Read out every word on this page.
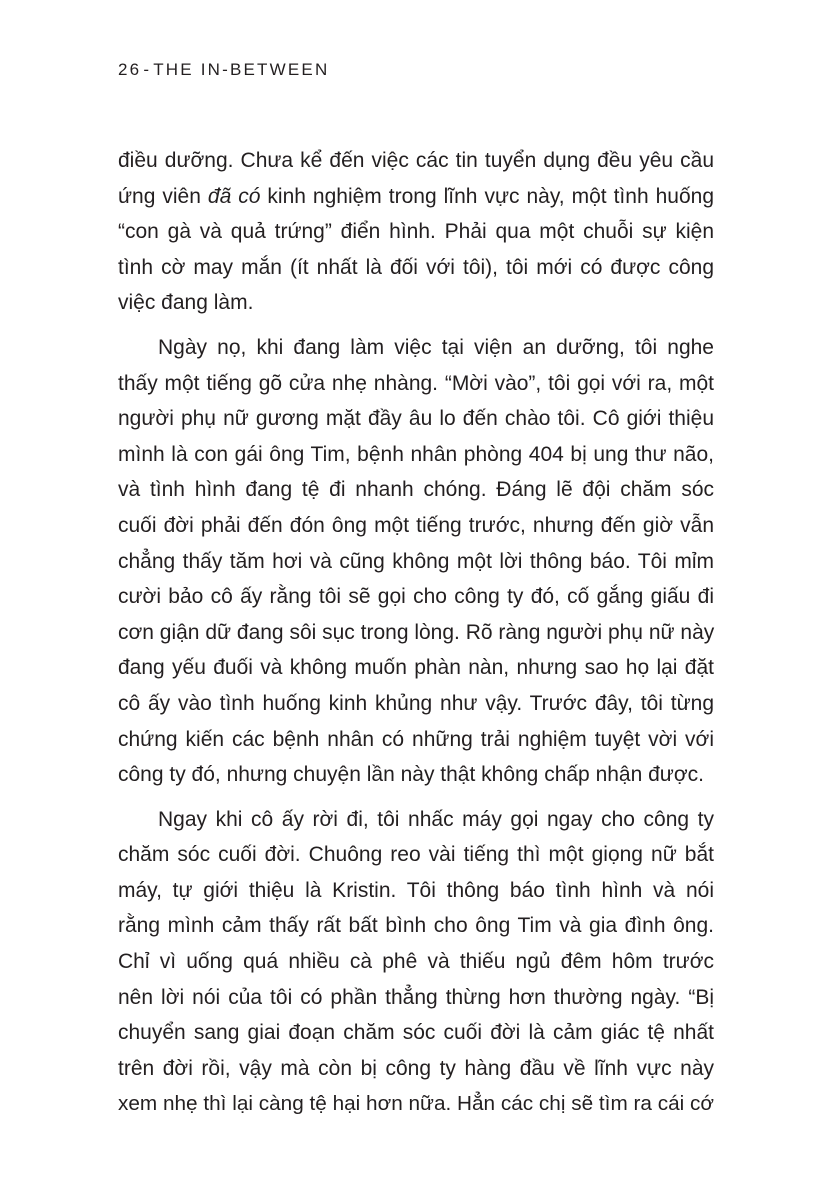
26 - THE IN-BETWEEN
điều dưỡng. Chưa kể đến việc các tin tuyển dụng đều yêu cầu
ứng viên đã có kinh nghiệm trong lĩnh vực này, một tình huống
“con gà và quả trứng” điển hình. Phải qua một chuỗi sự kiện
tình cờ may mắn (ít nhất là đối với tôi), tôi mới có được công
việc đang làm.
Ngày nọ, khi đang làm việc tại viện an dưỡng, tôi nghe
thấy một tiếng gõ cửa nhẹ nhàng. “Mời vào”, tôi gọi với ra, một
người phụ nữ gương mặt đầy âu lo đến chào tôi. Cô giới thiệu
mình là con gái ông Tim, bệnh nhân phòng 404 bị ung thư não,
và tình hình đang tệ đi nhanh chóng. Đáng lẽ đội chăm sóc
cuối đời phải đến đón ông một tiếng trước, nhưng đến giờ vẫn
chẳng thấy tăm hơi và cũng không một lời thông báo. Tôi mỉm
cười bảo cô ấy rằng tôi sẽ gọi cho công ty đó, cố gắng giấu đi
cơn giận dữ đang sôi sục trong lòng. Rõ ràng người phụ nữ này
đang yếu đuối và không muốn phàn nàn, nhưng sao họ lại đặt
cô ấy vào tình huống kinh khủng như vậy. Trước đây, tôi từng
chứng kiến các bệnh nhân có những trải nghiệm tuyệt vời với
công ty đó, nhưng chuyện lần này thật không chấp nhận được.
Ngay khi cô ấy rời đi, tôi nhấc máy gọi ngay cho công ty
chăm sóc cuối đời. Chuông reo vài tiếng thì một giọng nữ bắt
máy, tự giới thiệu là Kristin. Tôi thông báo tình hình và nói
rằng mình cảm thấy rất bất bình cho ông Tim và gia đình ông.
Chỉ vì uống quá nhiều cà phê và thiếu ngủ đêm hôm trước
nên lời nói của tôi có phần thẳng thừng hơn thường ngày. “Bị
chuyển sang giai đoạn chăm sóc cuối đời là cảm giác tệ nhất
trên đời rồi, vậy mà còn bị công ty hàng đầu về lĩnh vực này
xem nhẹ thì lại càng tệ hại hơn nữa. Hẳn các chị sẽ tìm ra cái cớ
